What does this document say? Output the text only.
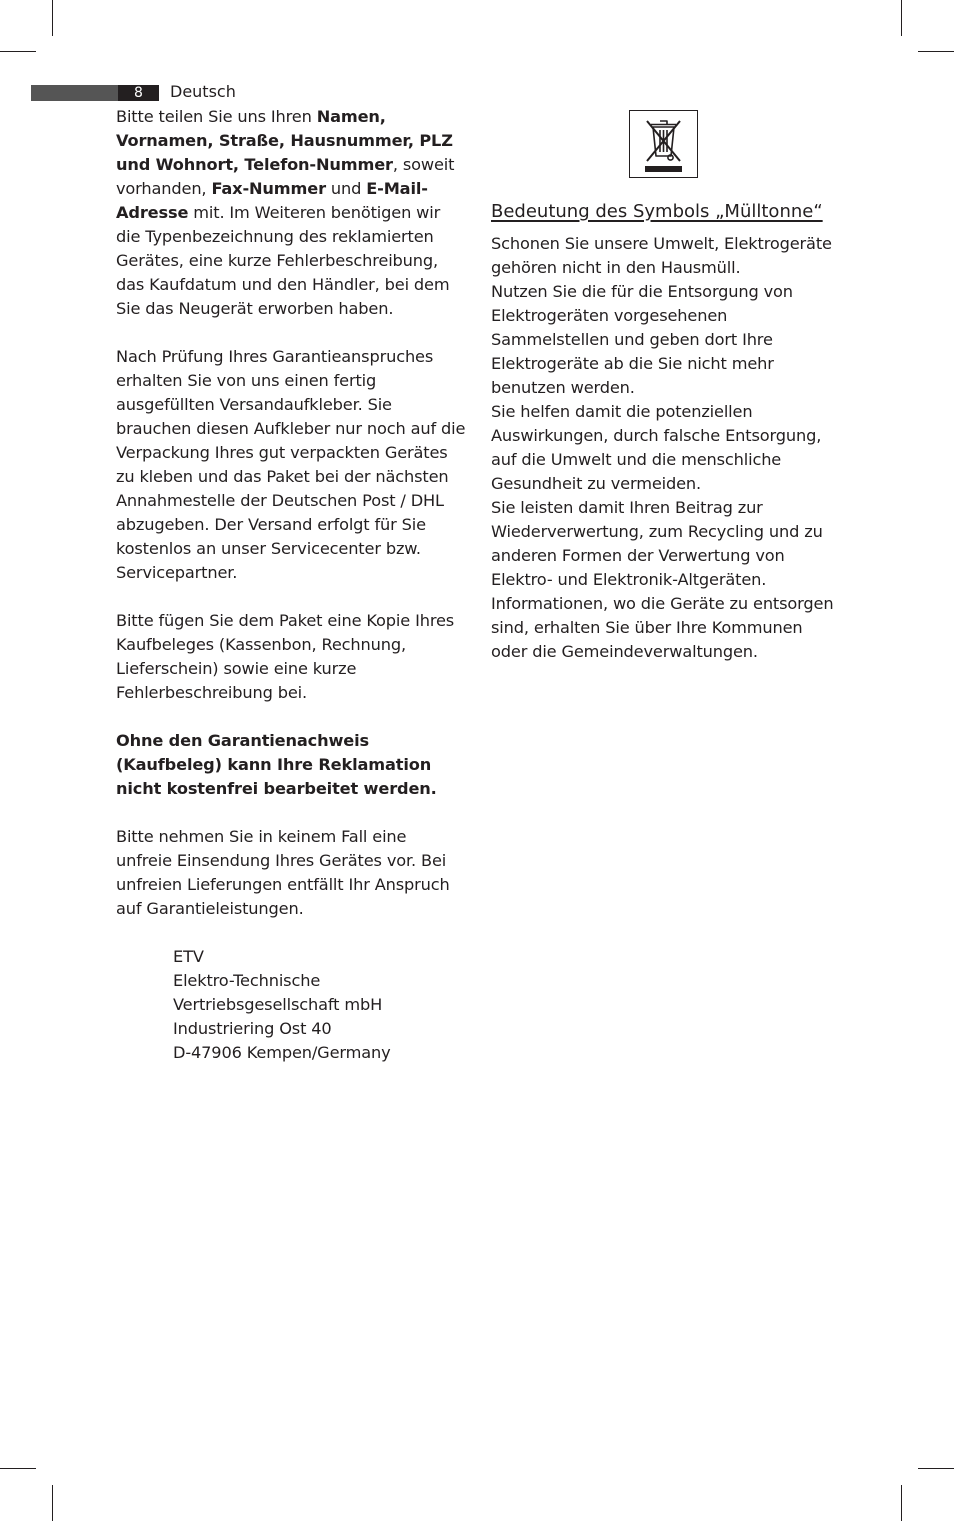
8	Deutsch

Bitte teilen Sie uns Ihren Namen, Vornamen, Straße, Hausnummer, PLZ und Wohnort, Telefon-Nummer, soweit vorhanden, Fax-Nummer und E-Mail-Adresse mit. Im Weiteren benötigen wir die Typenbezeichnung des reklamierten Gerätes, eine kurze Fehlerbeschreibung, das Kaufdatum und den Händler, bei dem Sie das Neugerät erworben haben.

Nach Prüfung Ihres Garantieanspruches erhalten Sie von uns einen fertig ausgefüllten Versandaufkleber. Sie brauchen diesen Aufkleber nur noch auf die Verpackung Ihres gut verpackten Gerätes zu kleben und das Paket bei der nächsten Annahmestelle der Deutschen Post / DHL abzugeben. Der Versand erfolgt für Sie kostenlos an unser Servicecenter bzw. Servicepartner.

Bitte fügen Sie dem Paket eine Kopie Ihres Kaufbeleges (Kassenbon, Rechnung, Lieferschein) sowie eine kurze Fehlerbeschreibung bei.

Ohne den Garantienachweis (Kaufbeleg) kann Ihre Reklamation nicht kostenfrei bearbeitet werden.

Bitte nehmen Sie in keinem Fall eine unfreie Einsendung Ihres Gerätes vor. Bei unfreien Lieferungen entfällt Ihr Anspruch auf Garantieleistungen.

ETV
Elektro-Technische
Vertriebsgesellschaft mbH
Industriering Ost 40
D-47906 Kempen/Germany
Bedeutung des Symbols „Mülltonne“

Schonen Sie unsere Umwelt, Elektrogeräte gehören nicht in den Hausmüll.

Nutzen Sie die für die Entsorgung von Elektrogeräten vorgesehenen Sammelstellen und geben dort Ihre Elektrogeräte ab die Sie nicht mehr benutzen werden.

Sie helfen damit die potenziellen Auswirkungen, durch falsche Entsorgung, auf die Umwelt und die menschliche Gesundheit zu vermeiden.

Sie leisten damit Ihren Beitrag zur Wiederverwertung, zum Recycling und zu anderen Formen der Verwertung von Elektro- und Elektronik-Altgeräten.

Informationen, wo die Geräte zu entsorgen sind, erhalten Sie über Ihre Kommunen oder die Gemeindeverwaltungen.
